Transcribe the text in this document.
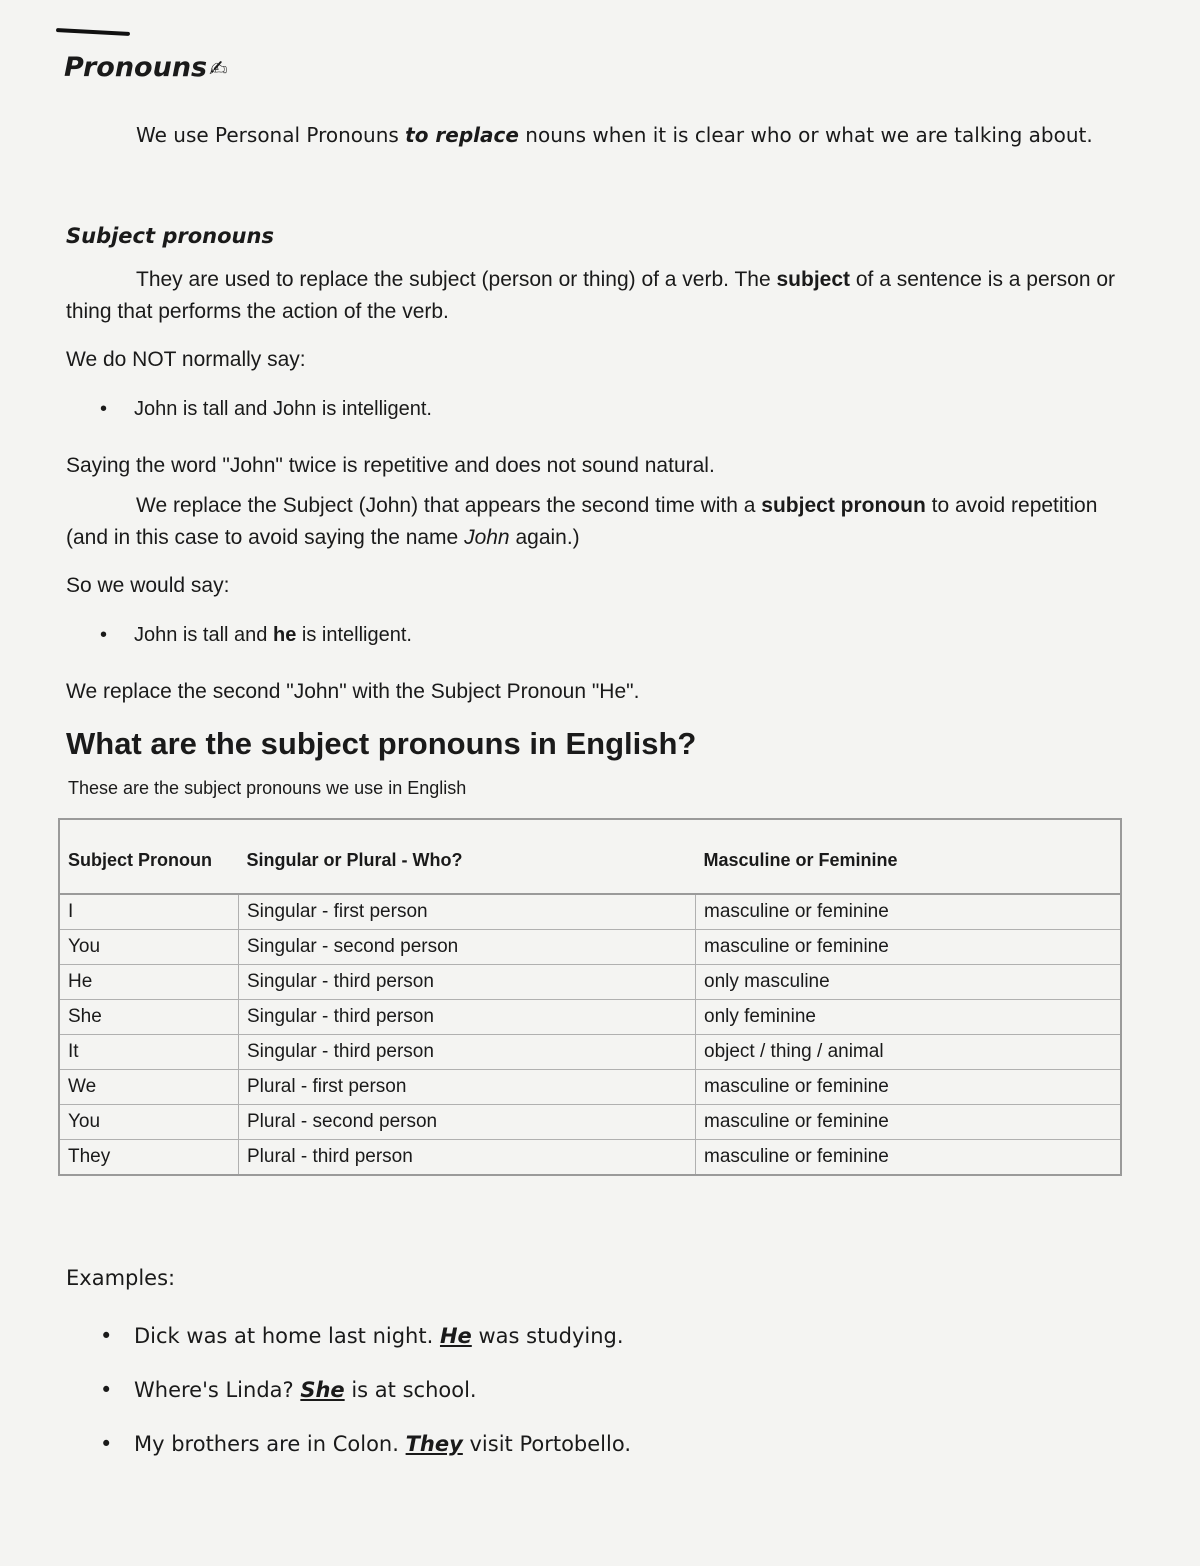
Pronouns✍
We use Personal Pronouns to replace nouns when it is clear who or what we are talking about.
Subject pronouns
They are used to replace the subject (person or thing) of a verb. The subject of a sentence is a person or thing that performs the action of the verb.
We do NOT normally say:
• John is tall and John is intelligent.
Saying the word "John" twice is repetitive and does not sound natural.
We replace the Subject (John) that appears the second time with a subject pronoun to avoid repetition (and in this case to avoid saying the name John again.)
So we would say:
• John is tall and he is intelligent.
We replace the second "John" with the Subject Pronoun "He".
What are the subject pronouns in English?
These are the subject pronouns we use in English
Subject Pronoun	Singular or Plural - Who?	Masculine or Feminine
I	Singular - first person	masculine or feminine
You	Singular - second person	masculine or feminine
He	Singular - third person	only masculine
She	Singular - third person	only feminine
It	Singular - third person	object / thing / animal
We	Plural - first person	masculine or feminine
You	Plural - second person	masculine or feminine
They	Plural - third person	masculine or feminine
Examples:
• Dick was at home last night. He was studying.
• Where's Linda? She is at school.
• My brothers are in Colon. They visit Portobello.
